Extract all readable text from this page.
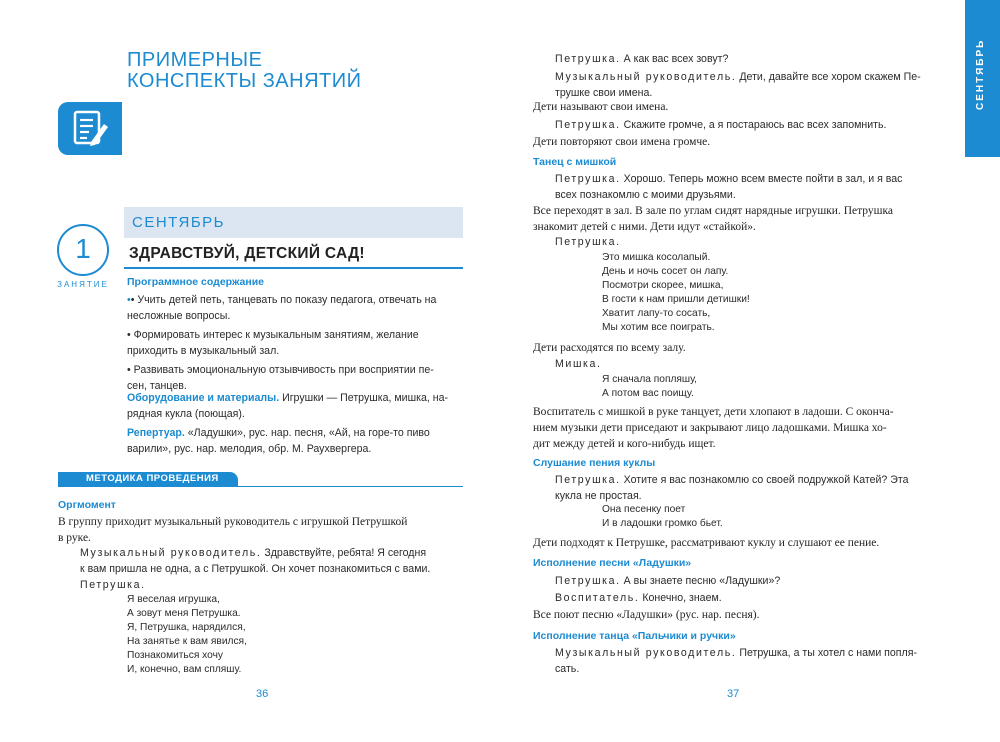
ПРИМЕРНЫЕ
КОНСПЕКТЫ ЗАНЯТИЙ
СЕНТЯБРЬ
ЗДРАВСТВУЙ, ДЕТСКИЙ САД!
1
ЗАНЯТИЕ	Программное содержание
•• Учить детей петь, танцевать по показу педагога, отвечать на
несложные вопросы.
• Формировать интерес к музыкальным занятиям, желание
приходить в музыкальный зал.
• Развивать эмоциональную отзывчивость при восприятии пе-
сен, танцев.
Оборудование и материалы. Игрушки — Петрушка, мишка, на-
рядная кукла (поющая).
Репертуар. «Ладушки», рус. нар. песня, «Ай, на горе-то пиво
варили», рус. нар. мелодия, обр. М. Раухвергера.
МЕТОДИКА ПРОВЕДЕНИЯ
Оргмомент
В группу приходит музыкальный руководитель с игрушкой Петрушкой
в руке.
Музыкальный руководитель. Здравствуйте, ребята! Я сегодня
к вам пришла не одна, а с Петрушкой. Он хочет познакомиться с вами.
Петрушка.
Я веселая игрушка,
А зовут меня Петрушка.
Я, Петрушка, нарядился,
На занятье к вам явился,
Познакомиться хочу
И, конечно, вам спляшу.
36
СЕНТЯБРЬ
Петрушка. А как вас всех зовут?
Музыкальный руководитель. Дети, давайте все хором скажем Пе-
трушке свои имена.
Дети называют свои имена.
Петрушка. Скажите громче, а я постараюсь вас всех запомнить.
Дети повторяют свои имена громче.
Танец с мишкой
Петрушка. Хорошо. Теперь можно всем вместе пойти в зал, и я вас
всех познакомлю с моими друзьями.
Все переходят в зал. В зале по углам сидят нарядные игрушки. Петрушка
знакомит детей с ними. Дети идут «стайкой».
Петрушка.
Это мишка косолапый.
День и ночь сосет он лапу.
Посмотри скорее, мишка,
В гости к нам пришли детишки!
Хватит лапу-то сосать,
Мы хотим все поиграть.
Дети расходятся по всему залу.
Мишка.
Я сначала попляшу,
А потом вас поищу.
Воспитатель с мишкой в руке танцует, дети хлопают в ладоши. С оконча-
нием музыки дети приседают и закрывают лицо ладошками. Мишка хо-
дит между детей и кого-нибудь ищет.
Слушание пения куклы
Петрушка. Хотите я вас познакомлю со своей подружкой Катей? Эта
кукла не простая.
Она песенку поет
И в ладошки громко бьет.
Дети подходят к Петрушке, рассматривают куклу и слушают ее пение.
Исполнение песни «Ладушки»
Петрушка. А вы знаете песню «Ладушки»?
Воспитатель. Конечно, знаем.
Все поют песню «Ладушки» (рус. нар. песня).
Исполнение танца «Пальчики и ручки»
Музыкальный руководитель. Петрушка, а ты хотел с нами попля-
сать.
37
